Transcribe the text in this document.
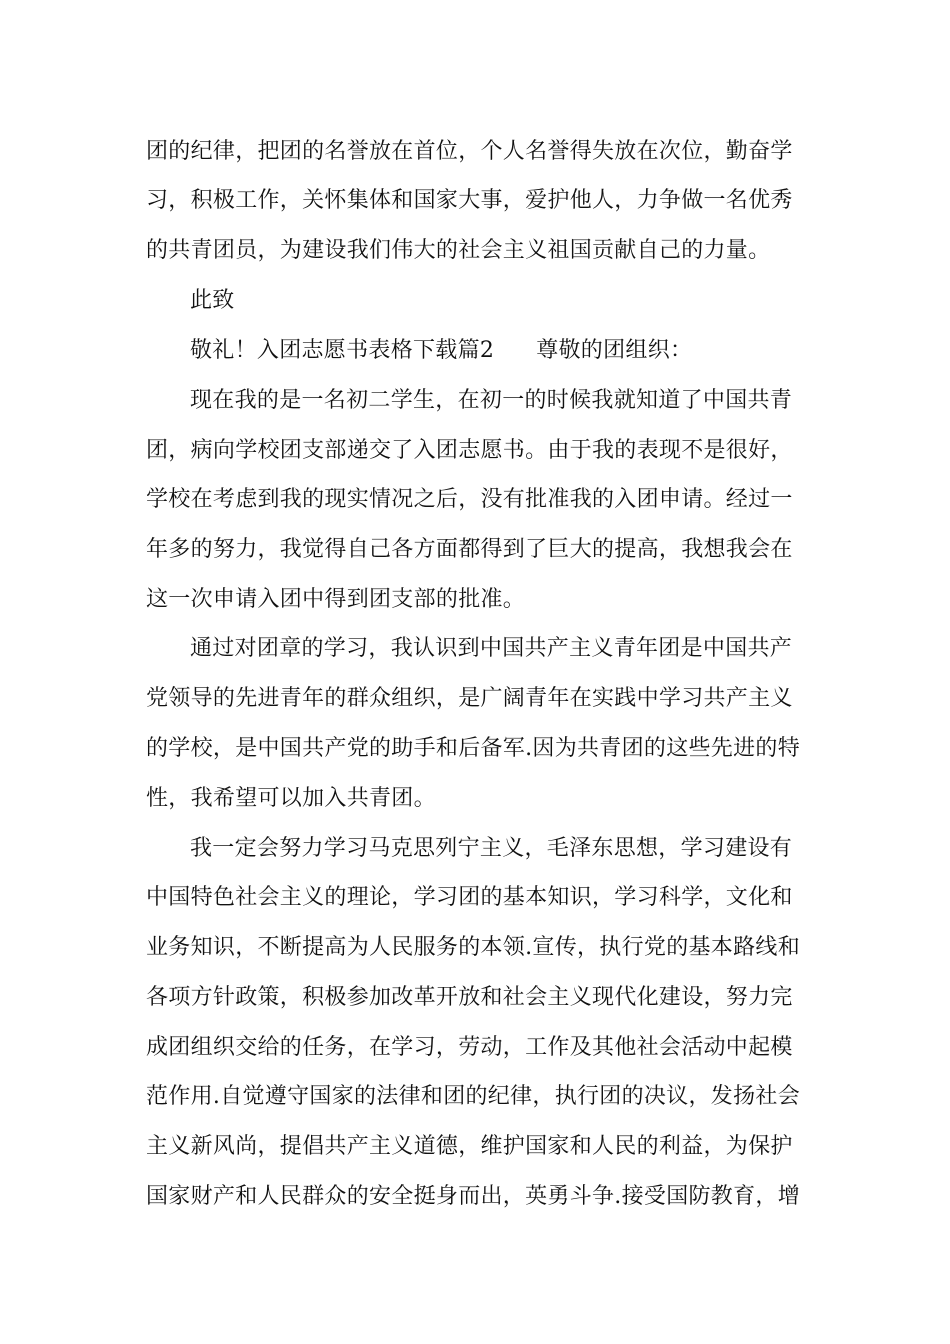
团的纪律，把团的名誉放在首位，个人名誉得失放在次位，勤奋学
习，积极工作，关怀集体和国家大事，爱护他人，力争做一名优秀
的共青团员，为建设我们伟大的社会主义祖国贡献自己的力量。
此致
敬礼！入团志愿书表格下载篇2 尊敬的团组织：
现在我的是一名初二学生，在初一的时候我就知道了中国共青
团，病向学校团支部递交了入团志愿书。由于我的表现不是很好，
学校在考虑到我的现实情况之后，没有批准我的入团申请。经过一
年多的努力，我觉得自己各方面都得到了巨大的提高，我想我会在
这一次申请入团中得到团支部的批准。
通过对团章的学习，我认识到中国共产主义青年团是中国共产
党领导的先进青年的群众组织，是广阔青年在实践中学习共产主义
的学校，是中国共产党的助手和后备军.因为共青团的这些先进的特
性，我希望可以加入共青团。
我一定会努力学习马克思列宁主义，毛泽东思想，学习建设有
中国特色社会主义的理论，学习团的基本知识，学习科学，文化和
业务知识，不断提高为人民服务的本领.宣传，执行党的基本路线和
各项方针政策，积极参加改革开放和社会主义现代化建设，努力完
成团组织交给的任务，在学习，劳动，工作及其他社会活动中起模
范作用.自觉遵守国家的法律和团的纪律，执行团的决议，发扬社会
主义新风尚，提倡共产主义道德，维护国家和人民的利益，为保护
国家财产和人民群众的安全挺身而出，英勇斗争.接受国防教育，增
